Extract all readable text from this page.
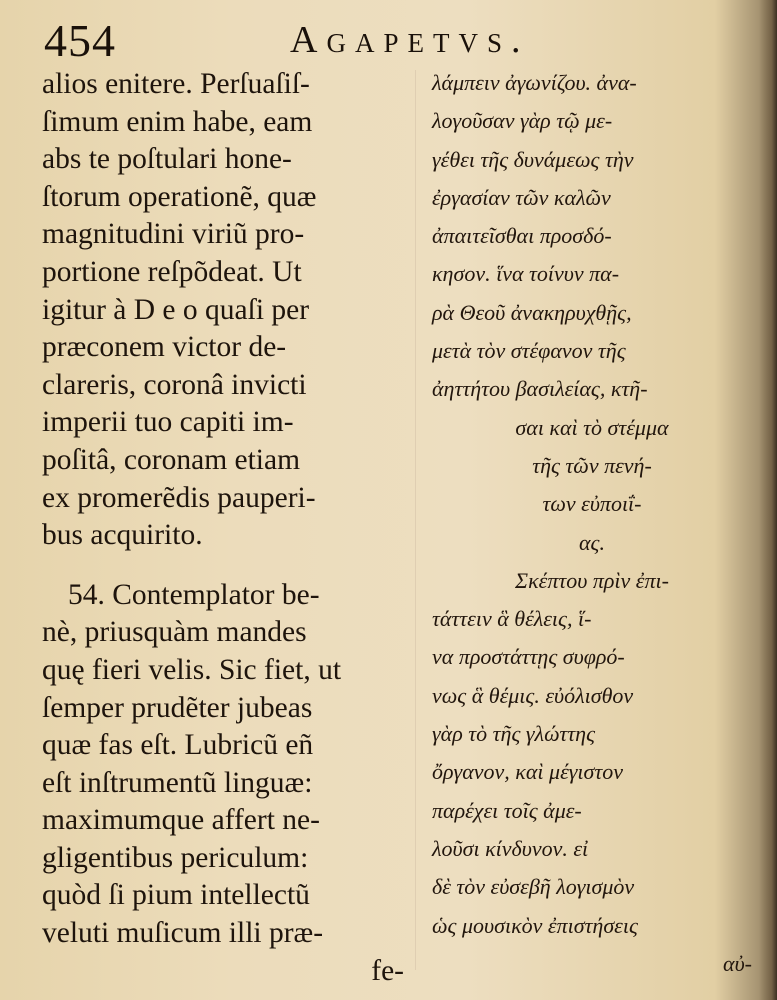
454	Agapetvs.
alios enitere. Perſuaſiſ-
ſimum enim habe, eam
abs te poſtulari hone-
ſtorum operationẽ, quæ
magnitudini viriũ pro-
portione reſpõdeat. Ut
igitur à D e o quaſi per
præconem victor de-
clareris, coronâ invicti
imperii tuo capiti im-
poſitâ, coronam etiam
ex promerẽdis pauperi-
bus acquirito.
54. Contemplator be-
nè, priusquàm mandes
quę fieri velis. Sic fiet, ut
ſemper prudẽter jubeas
quæ fas eſt. Lubricũ eñ
eſt inſtrumentũ linguæ:
maximumque affert ne-
gligentibus periculum:
quòd ſi pium intellectũ
veluti muſicum illi præ-
fe-
λάμπειν ἀγωνίζου. ἀνα-
λογοῦσαν γὰρ τῷ με-
γέθει τῆς δυνάμεως τὴν
ἐργασίαν τῶν καλῶν
ἀπαιτεῖσθαι προσδό-
κησον. ἵνα τοίνυν πα-
ρὰ Θεοῦ ἀνακηρυχθῇς,
μετὰ τὸν στέφανον τῆς
ἀηττήτου βασιλείας, κτῆ-
σαι καὶ τὸ στέμμα
τῆς τῶν πενή-
των εὐποιΐ-
ας.
Σκέπτου πρὶν ἐπι-
τάττειν ἃ θέλεις, ἵ-
να προστάττῃς συφρό-
νως ἃ θέμις. εὐόλισθον
γὰρ τὸ τῆς γλώττης
ὄργανον, καὶ μέγιστον
παρέχει τοῖς ἀμε-
λοῦσι κίνδυνον. εἰ
δὲ τὸν εὐσεβῆ λογισμὸν
ὡς μουσικὸν ἐπιστήσεις
αὐ-
